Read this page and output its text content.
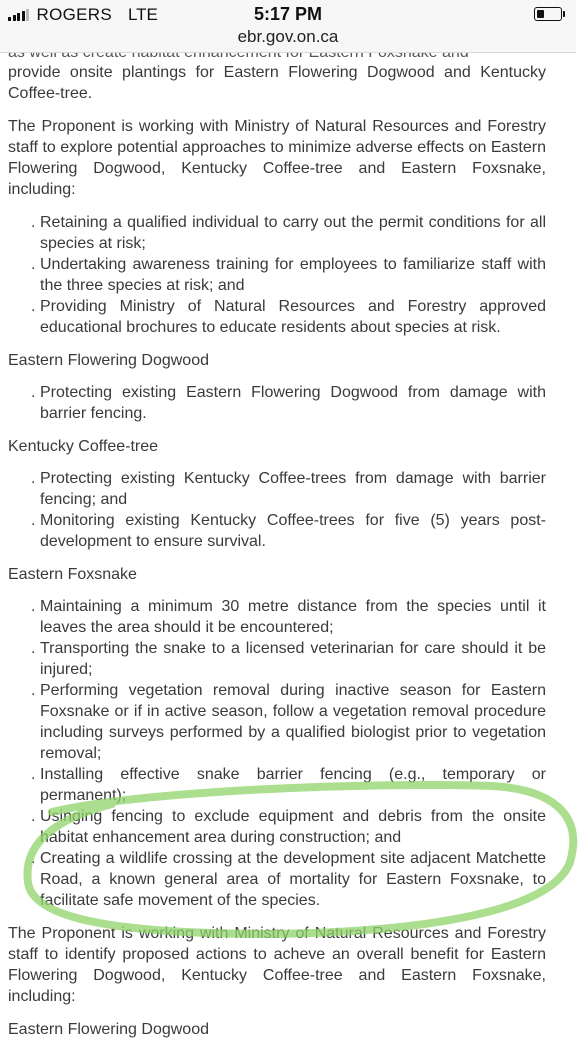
ROGERS LTE	5:17 PM
ebr.gov.on.ca

provide onsite plantings for Eastern Flowering Dogwood and Kentucky Coffee-tree.

The Proponent is working with Ministry of Natural Resources and Forestry staff to explore potential approaches to minimize adverse effects on Eastern Flowering Dogwood, Kentucky Coffee-tree and Eastern Foxsnake, including:

. Retaining a qualified individual to carry out the permit conditions for all species at risk;
. Undertaking awareness training for employees to familiarize staff with the three species at risk; and
. Providing Ministry of Natural Resources and Forestry approved educational brochures to educate residents about species at risk.
Eastern Flowering Dogwood
. Protecting existing Eastern Flowering Dogwood from damage with barrier fencing.
Kentucky Coffee-tree
. Protecting existing Kentucky Coffee-trees from damage with barrier fencing; and
. Monitoring existing Kentucky Coffee-trees for five (5) years post-development to ensure survival.
Eastern Foxsnake
. Maintaining a minimum 30 metre distance from the species until it leaves the area should it be encountered;
. Transporting the snake to a licensed veterinarian for care should it be injured;
. Performing vegetation removal during inactive season for Eastern Foxsnake or if in active season, follow a vegetation removal procedure including surveys performed by a qualified biologist prior to vegetation removal;
. Installing effective snake barrier fencing (e.g., temporary or permanent);
. Usinging fencing to exclude equipment and debris from the onsite habitat enhancement area during construction; and
. Creating a wildlife crossing at the development site adjacent Matchette Road, a known general area of mortality for Eastern Foxsnake, to facilitate safe movement of the species.

The Proponent is working with Ministry of Natural Resources and Forestry staff to identify proposed actions to acheve an overall benefit for Eastern Flowering Dogwood, Kentucky Coffee-tree and Eastern Foxsnake, including:

Eastern Flowering Dogwood
